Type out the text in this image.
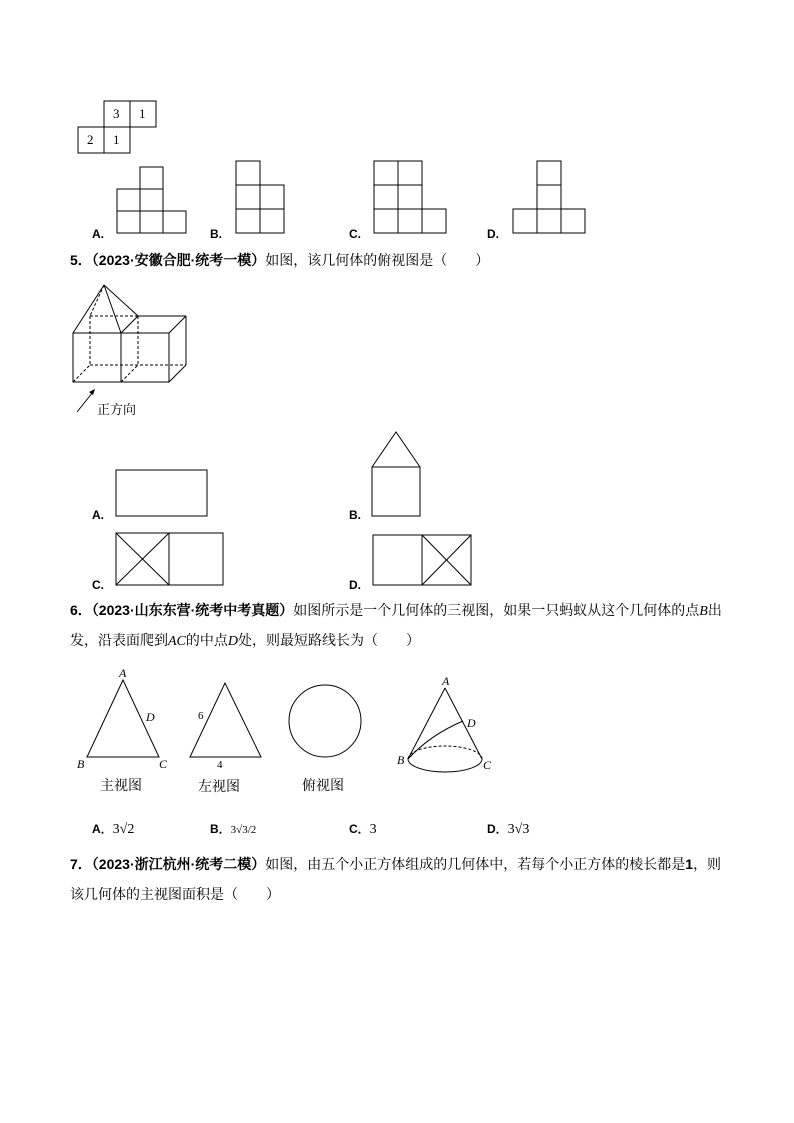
3 1
2 1
A.	B.	C.	D.
5．（2023·安徽合肥·统考一模）如图，该几何体的俯视图是（　　）
正方向
A.	B.
C.	D.
6．（2023·山东东营·统考中考真题）如图所示是一个几何体的三视图，如果一只蚂蚁从这个几何体的点B出
发，沿表面爬到AC的中点D处，则最短路线长为（　　）
A
D
B	C
6
4
A
D
B	C
主视图	左视图	俯视图
A．3√2	B．3√3/2	C．3	D．3√3
7．（2023·浙江杭州·统考二模）如图，由五个小正方体组成的几何体中，若每个小正方体的棱长都是1，则
该几何体的主视图面积是（　　）
